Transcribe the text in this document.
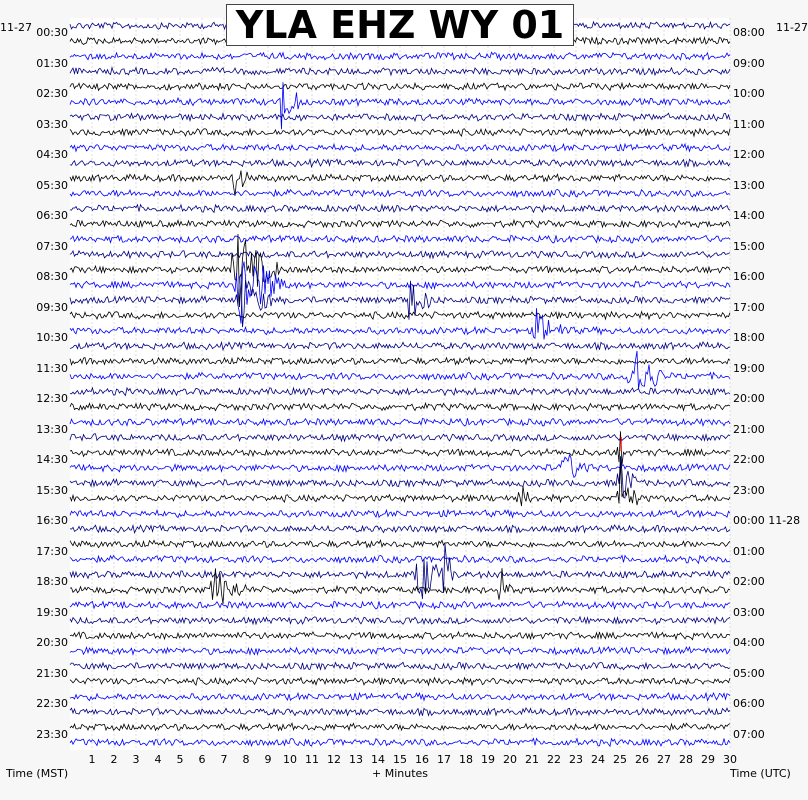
YLA EHZ WY 01
11-27	11-27
00:30
01:30
02:30
03:30
04:30
05:30
06:30
07:30
08:30
09:30
10:30
11:30
12:30
13:30
14:30
15:30
16:30
17:30
18:30
19:30
20:30
21:30
22:30
23:30
08:00
09:00
10:00
11:00
12:00
13:00
14:00
15:00
16:00
17:00
18:00
19:00
20:00
21:00
22:00
23:00
00:00 11-28
01:00
02:00
03:00
04:00
05:00
06:00
07:00
1	2	3	4	5	6	7	8	9	10 11 12 13 14 15 16 17 18 19 20 21 22 23 24 25 26 27 28 29 30
Time (MST)	+ Minutes	Time (UTC)
